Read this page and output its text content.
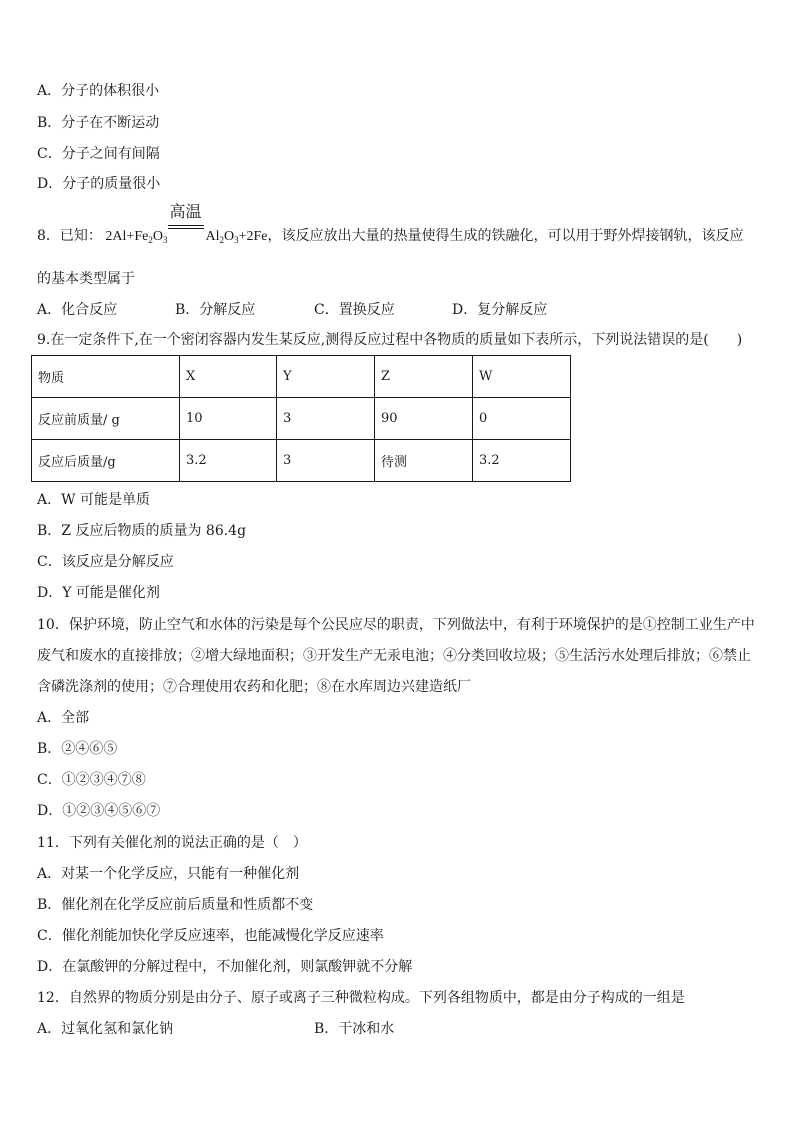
A．分子的体积很小
B．分子在不断运动
C．分子之间有间隔
D．分子的质量很小
8．已知： $2Al+Fe_2O_3$
高温
$Al_2O_3+2Fe$，该反应放出大量的热量使得生成的铁融化，可以用于野外焊接钢轨，该反应
的基本类型属于
A．化合反应	B．分解反应	C．置换反应	D．复分解反应
9.在一定条件下,在一个密闭容器内发生某反应,测得反应过程中各物质的质量如下表所示，下列说法错误的是(　　)
物质	X	Y	Z	W
反应前质量/ g	10	3	90	0
反应后质量/g	3.2	3	待测	3.2
A．W 可能是单质
B．Z 反应后物质的质量为 86.4g
C．该反应是分解反应
D．Y 可能是催化剂
10．保护环境，防止空气和水体的污染是每个公民应尽的职责，下列做法中，有利于环境保护的是①控制工业生产中
废气和废水的直接排放；②增大绿地面积；③开发生产无汞电池；④分类回收垃圾；⑤生活污水处理后排放；⑥禁止
含磷洗涤剂的使用；⑦合理使用农药和化肥；⑧在水库周边兴建造纸厂
A．全部
B．②④⑥⑤
C．①②③④⑦⑧
D．①②③④⑤⑥⑦
11．下列有关催化剂的说法正确的是（　）
A．对某一个化学反应，只能有一种催化剂
B．催化剂在化学反应前后质量和性质都不变
C．催化剂能加快化学反应速率，也能减慢化学反应速率
D．在氯酸钾的分解过程中，不加催化剂，则氯酸钾就不分解
12．自然界的物质分别是由分子、原子或离子三种微粒构成。下列各组物质中，都是由分子构成的一组是
A．过氧化氢和氯化钠	B．干冰和水
